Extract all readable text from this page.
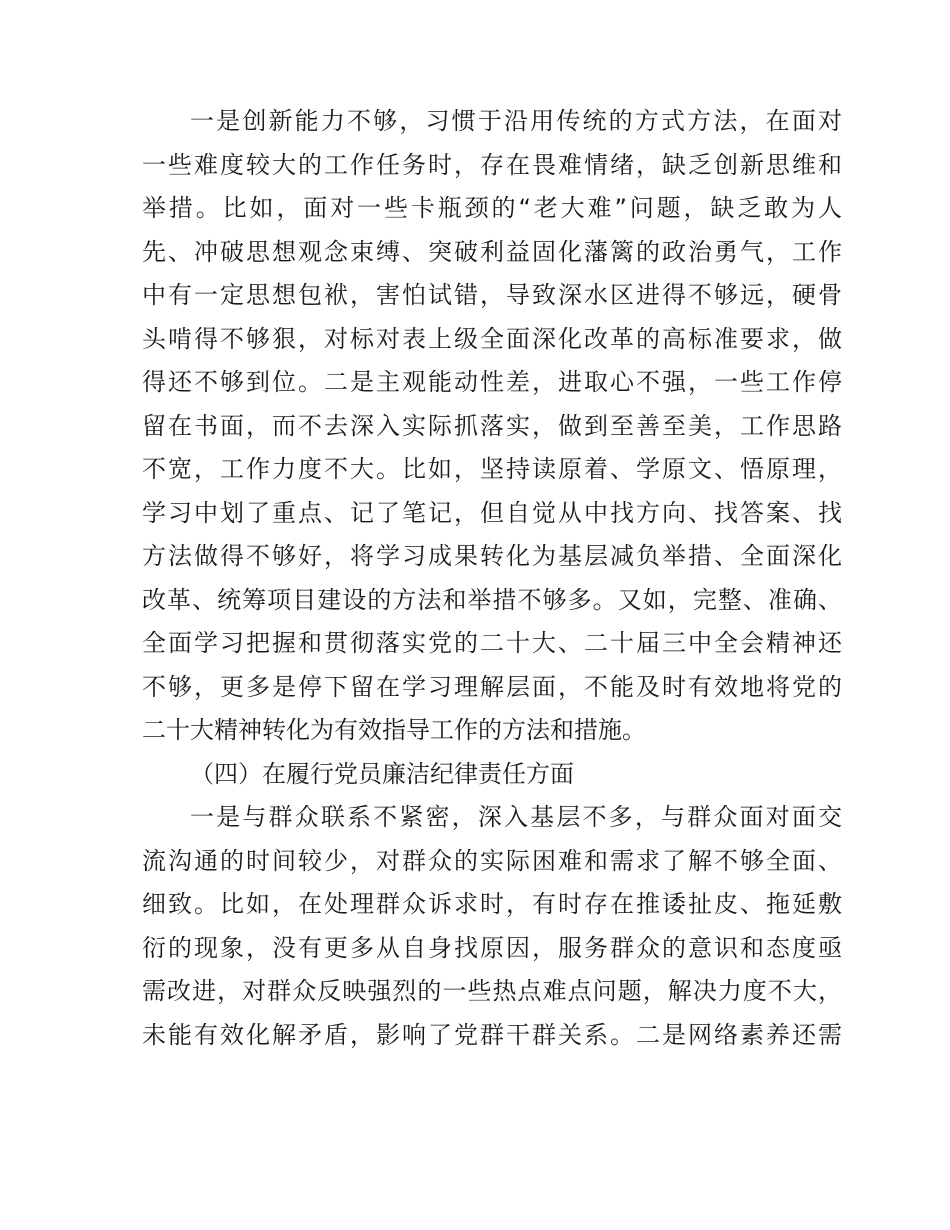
一是创新能力不够，习惯于沿用传统的方式方法，在面对
一些难度较大的工作任务时，存在畏难情绪，缺乏创新思维和
举措。比如，面对一些卡瓶颈的“老大难”问题，缺乏敢为人
先、冲破思想观念束缚、突破利益固化藩篱的政治勇气，工作
中有一定思想包袱，害怕试错，导致深水区进得不够远，硬骨
头啃得不够狠，对标对表上级全面深化改革的高标准要求，做
得还不够到位。二是主观能动性差，进取心不强，一些工作停
留在书面，而不去深入实际抓落实，做到至善至美，工作思路
不宽，工作力度不大。比如，坚持读原着、学原文、悟原理，
学习中划了重点、记了笔记，但自觉从中找方向、找答案、找
方法做得不够好，将学习成果转化为基层减负举措、全面深化
改革、统筹项目建设的方法和举措不够多。又如，完整、准确、
全面学习把握和贯彻落实党的二十大、二十届三中全会精神还
不够，更多是停下留在学习理解层面，不能及时有效地将党的
二十大精神转化为有效指导工作的方法和措施。
（四）在履行党员廉洁纪律责任方面
一是与群众联系不紧密，深入基层不多，与群众面对面交
流沟通的时间较少，对群众的实际困难和需求了解不够全面、
细致。比如，在处理群众诉求时，有时存在推诿扯皮、拖延敷
衍的现象，没有更多从自身找原因，服务群众的意识和态度亟
需改进，对群众反映强烈的一些热点难点问题，解决力度不大，
未能有效化解矛盾，影响了党群干群关系。二是网络素养还需
